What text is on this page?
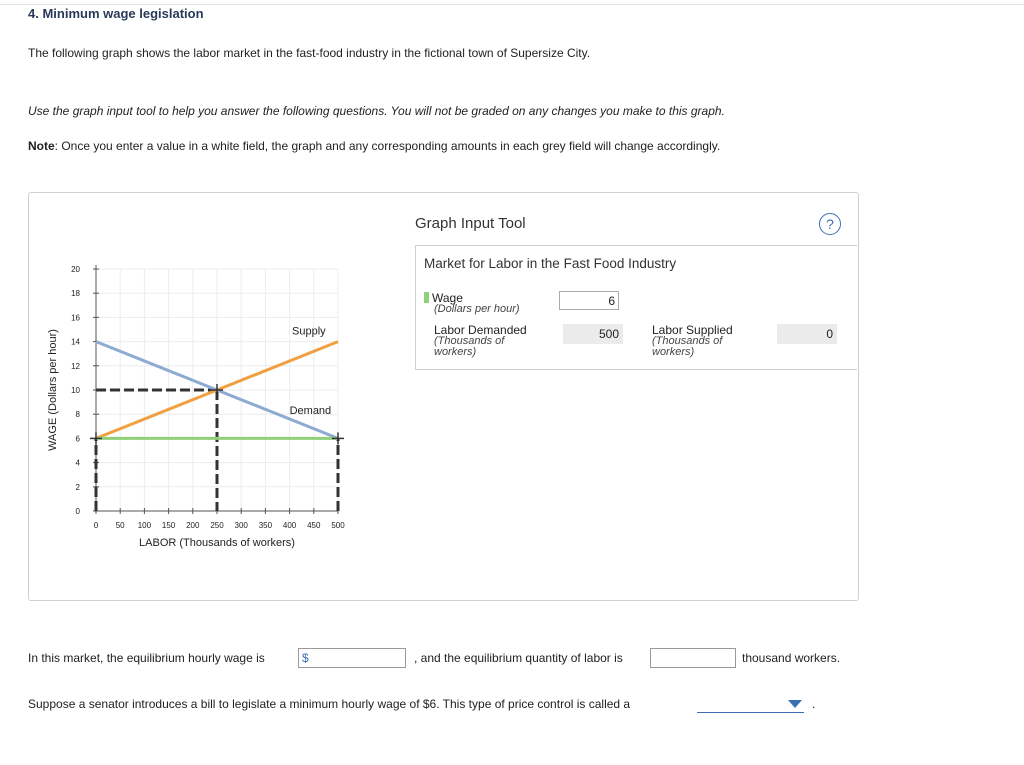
4. Minimum wage legislation
The following graph shows the labor market in the fast-food industry in the fictional town of Supersize City.
Use the graph input tool to help you answer the following questions. You will not be graded on any changes you make to this graph.
Note: Once you enter a value in a white field, the graph and any corresponding amounts in each grey field will change accordingly.
0
2
4
6
8
10
12
14
16
18
20
0 50 100 150 200 250 300 350 400 450 500
LABOR (Thousands of workers)
WAGE (Dollars per hour)	Supply
Demand
Graph Input Tool	?
Market for Labor in the Fast Food Industry
Wage
(Dollars per hour)
6
Labor Demanded
(Thousands of
workers)
500	Labor Supplied
(Thousands of
workers)
0
In this market, the equilibrium hourly wage is	$	, and the equilibrium quantity of labor is	thousand workers.
Suppose a senator introduces a bill to legislate a minimum hourly wage of $6. This type of price control is called a	.
